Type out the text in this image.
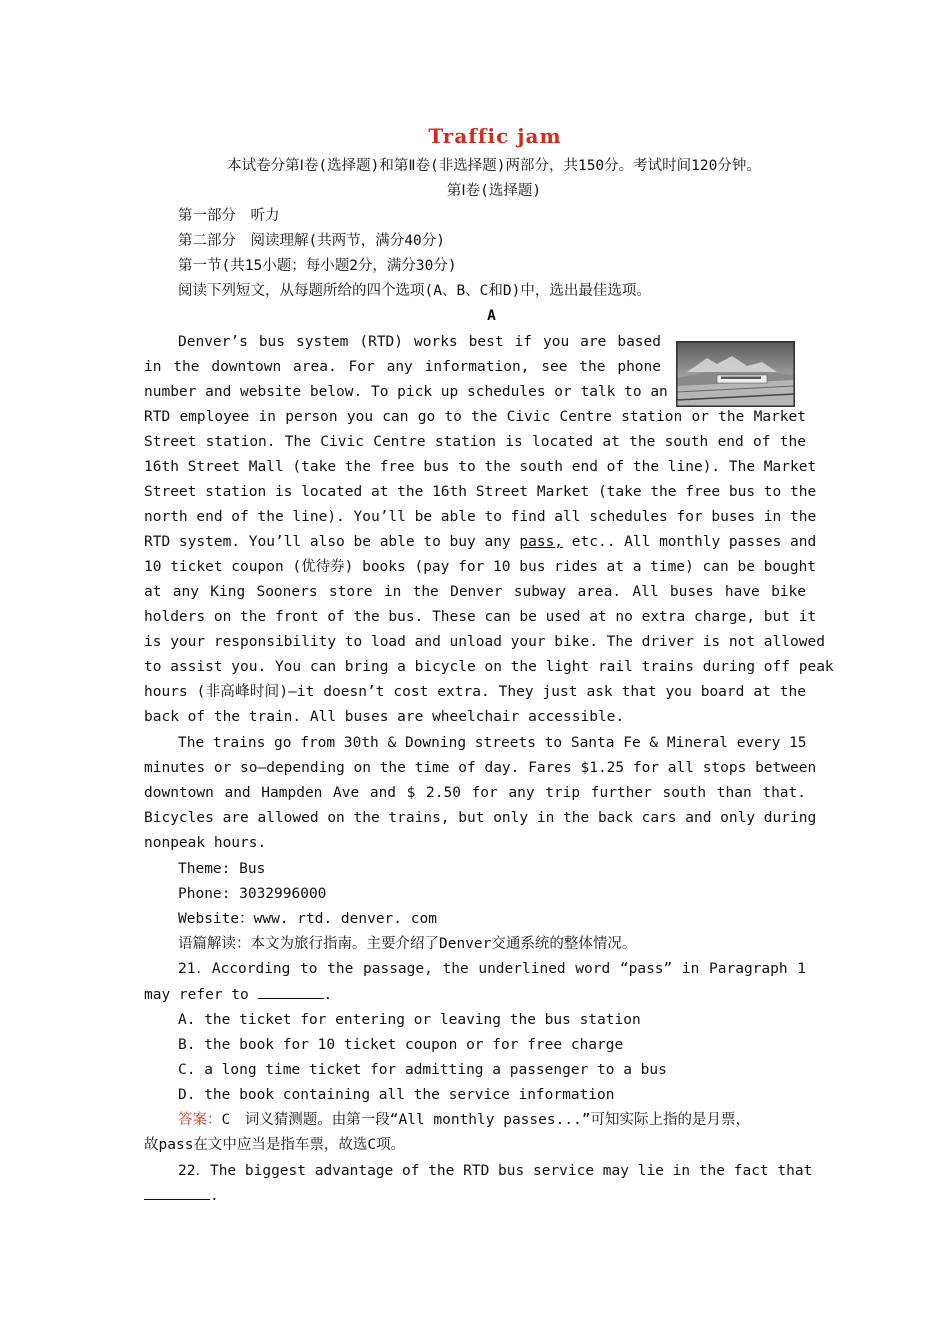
Traffic jam
本试卷分第Ⅰ卷(选择题)和第Ⅱ卷(非选择题)两部分，共150分。考试时间120分钟。
第Ⅰ卷(选择题)
第一部分　听力
第二部分　阅读理解(共两节，满分40分)
第一节(共15小题；每小题2分，满分30分)
阅读下列短文，从每题所给的四个选项(A、B、C和D)中，选出最佳选项。
A
Denver’s bus system (RTD) works best if you are based
in the downtown area. For any information, see the phone
number and website below. To pick up schedules or talk to an
RTD employee in person you can go to the Civic Centre station or the Market
Street station. The Civic Centre station is located at the south end of the
16th Street Mall (take the free bus to the south end of the line). The Market
Street station is located at the 16th Street Market (take the free bus to the
north end of the line). You’ll be able to find all schedules for buses in the
RTD system. You’ll also be able to buy any pass, etc.. All monthly passes and
10 ticket coupon (优待券) books (pay for 10 bus rides at a time) can be bought
at any King Sooners store in the Denver subway area. All buses have bike
holders on the front of the bus. These can be used at no extra charge, but it
is your responsibility to load and unload your bike. The driver is not allowed
to assist you. You can bring a bicycle on the light rail trains during off peak
hours (非高峰时间)—it doesn’t cost extra. They just ask that you board at the
back of the train. All buses are wheelchair accessible.
The trains go from 30th & Downing streets to Santa Fe & Mineral every 15
minutes or so—depending on the time of day. Fares $1.25 for all stops between
downtown and Hampden Ave and $ 2.50 for any trip further south than that.
Bicycles are allowed on the trains, but only in the back cars and only during
nonpeak hours.
Theme: Bus
Phone: 3032996000
Website：www. rtd. denver. com
语篇解读：本文为旅行指南。主要介绍了Denver交通系统的整体情况。
21．According to the passage, the underlined word “pass” in Paragraph 1
may refer to	.
A. the ticket for entering or leaving the bus station
B. the book for 10 ticket coupon or for free charge
C. a long time ticket for admitting a passenger to a bus
D. the book containing all the service information
答案：C　词义猜测题。由第一段“All monthly passes...”可知实际上指的是月票，
故pass在文中应当是指车票，故选C项。
22．The biggest advantage of the RTD bus service may lie in the fact that
.
